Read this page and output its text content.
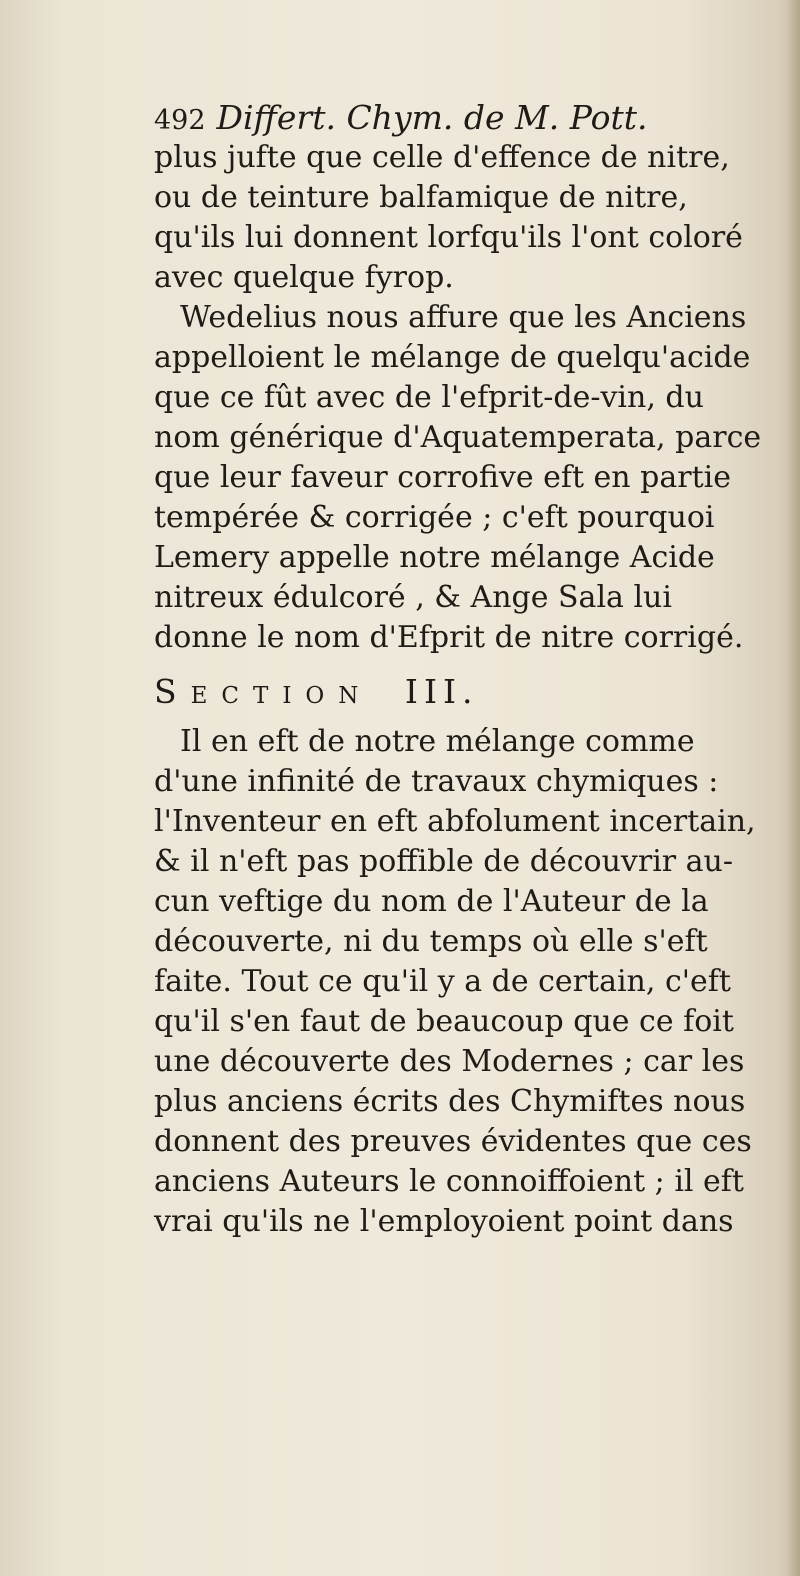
492 Differt. Chym. de M. Pott.
plus jufte que celle d'effence de nitre,
ou de teinture balfamique de nitre,
qu'ils lui donnent lorfqu'ils l'ont coloré
avec quelque fyrop.
Wedelius nous affure que les Anciens
appelloient le mélange de quelqu'acide
que ce fût avec de l'efprit-de-vin, du
nom générique d'Aquatemperata, parce
que leur faveur corrofive eft en partie
tempérée & corrigée ; c'eft pourquoi
Lemery appelle notre mélange Acide
nitreux édulcoré , & Ange Sala lui
donne le nom d'Efprit de nitre corrigé.
Section III.
Il en eft de notre mélange comme
d'une infinité de travaux chymiques :
l'Inventeur en eft abfolument incertain,
& il n'eft pas poffible de découvrir au-
cun veftige du nom de l'Auteur de la
découverte, ni du temps où elle s'eft
faite. Tout ce qu'il y a de certain, c'eft
qu'il s'en faut de beaucoup que ce foit
une découverte des Modernes ; car les
plus anciens écrits des Chymiftes nous
donnent des preuves évidentes que ces
anciens Auteurs le connoiffoient ; il eft
vrai qu'ils ne l'employoient point dans
